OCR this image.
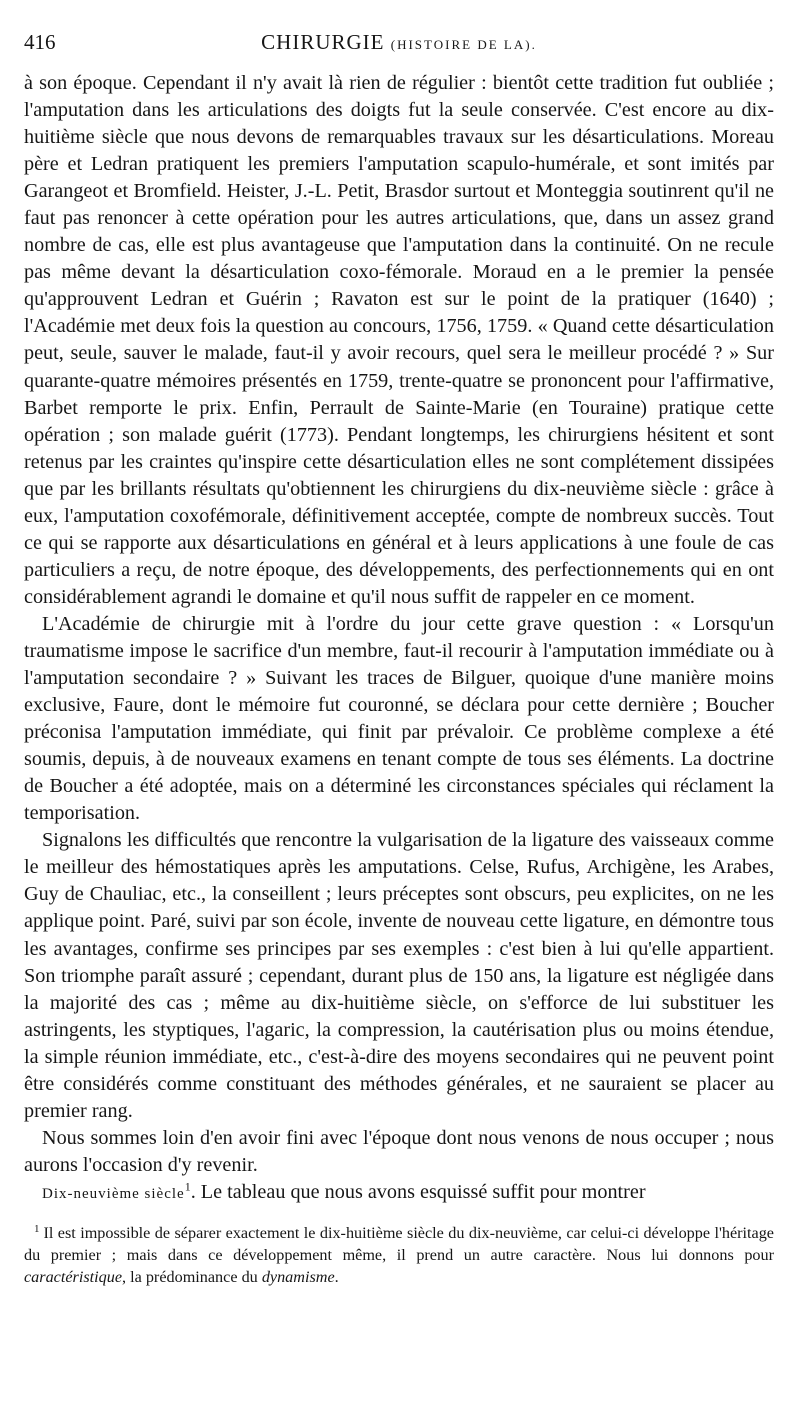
416	CHIRURGIE (HISTOIRE DE LA).

à son époque. Cependant il n'y avait là rien de régulier : bientôt cette tradition fut oubliée ; l'amputation dans les articulations des doigts fut la seule conservée. C'est encore au dix-huitième siècle que nous devons de remarquables travaux sur les désarticulations. Moreau père et Ledran pratiquent les premiers l'amputation scapulo-humérale, et sont imités par Garangeot et Bromfield. Heister, J.-L. Petit, Brasdor surtout et Monteggia soutinrent qu'il ne faut pas renoncer à cette opération pour les autres articulations, que, dans un assez grand nombre de cas, elle est plus avantageuse que l'amputation dans la continuité. On ne recule pas même devant la désarticulation coxo-fémorale. Moraud en a le premier la pensée qu'approuvent Ledran et Guérin ; Ravaton est sur le point de la pratiquer (1640) ; l'Académie met deux fois la question au concours, 1756, 1759. « Quand cette désarticulation peut, seule, sauver le malade, faut-il y avoir recours, quel sera le meilleur procédé ? » Sur quarante-quatre mémoires présentés en 1759, trente-quatre se prononcent pour l'affirmative, Barbet remporte le prix. Enfin, Perrault de Sainte-Marie (en Touraine) pratique cette opération ; son malade guérit (1773). Pendant longtemps, les chirurgiens hésitent et sont retenus par les craintes qu'inspire cette désarticulation elles ne sont complétement dissipées que par les brillants résultats qu'obtiennent les chirurgiens du dix-neuvième siècle : grâce à eux, l'amputation coxofémorale, définitivement acceptée, compte de nombreux succès. Tout ce qui se rapporte aux désarticulations en général et à leurs applications à une foule de cas particuliers a reçu, de notre époque, des développements, des perfectionnements qui en ont considérablement agrandi le domaine et qu'il nous suffit de rappeler en ce moment.

L'Académie de chirurgie mit à l'ordre du jour cette grave question : « Lorsqu'un traumatisme impose le sacrifice d'un membre, faut-il recourir à l'amputation immédiate ou à l'amputation secondaire ? » Suivant les traces de Bilguer, quoique d'une manière moins exclusive, Faure, dont le mémoire fut couronné, se déclara pour cette dernière ; Boucher préconisa l'amputation immédiate, qui finit par prévaloir. Ce problème complexe a été soumis, depuis, à de nouveaux examens en tenant compte de tous ses éléments. La doctrine de Boucher a été adoptée, mais on a déterminé les circonstances spéciales qui réclament la temporisation.

Signalons les difficultés que rencontre la vulgarisation de la ligature des vaisseaux comme le meilleur des hémostatiques après les amputations. Celse, Rufus, Archigène, les Arabes, Guy de Chauliac, etc., la conseillent ; leurs préceptes sont obscurs, peu explicites, on ne les applique point. Paré, suivi par son école, invente de nouveau cette ligature, en démontre tous les avantages, confirme ses principes par ses exemples : c'est bien à lui qu'elle appartient. Son triomphe paraît assuré ; cependant, durant plus de 150 ans, la ligature est négligée dans la majorité des cas ; même au dix-huitième siècle, on s'efforce de lui substituer les astringents, les styptiques, l'agaric, la compression, la cautérisation plus ou moins étendue, la simple réunion immédiate, etc., c'est-à-dire des moyens secondaires qui ne peuvent point être considérés comme constituant des méthodes générales, et ne sauraient se placer au premier rang.

Nous sommes loin d'en avoir fini avec l'époque dont nous venons de nous occuper ; nous aurons l'occasion d'y revenir.

Dix-neuvième siècle$^1$. Le tableau que nous avons esquissé suffit pour montrer

$^1$ Il est impossible de séparer exactement le dix-huitième siècle du dix-neuvième, car celui-ci développe l'héritage du premier ; mais dans ce développement même, il prend un autre caractère. Nous lui donnons pour caractéristique, la prédominance du dynamisme.
